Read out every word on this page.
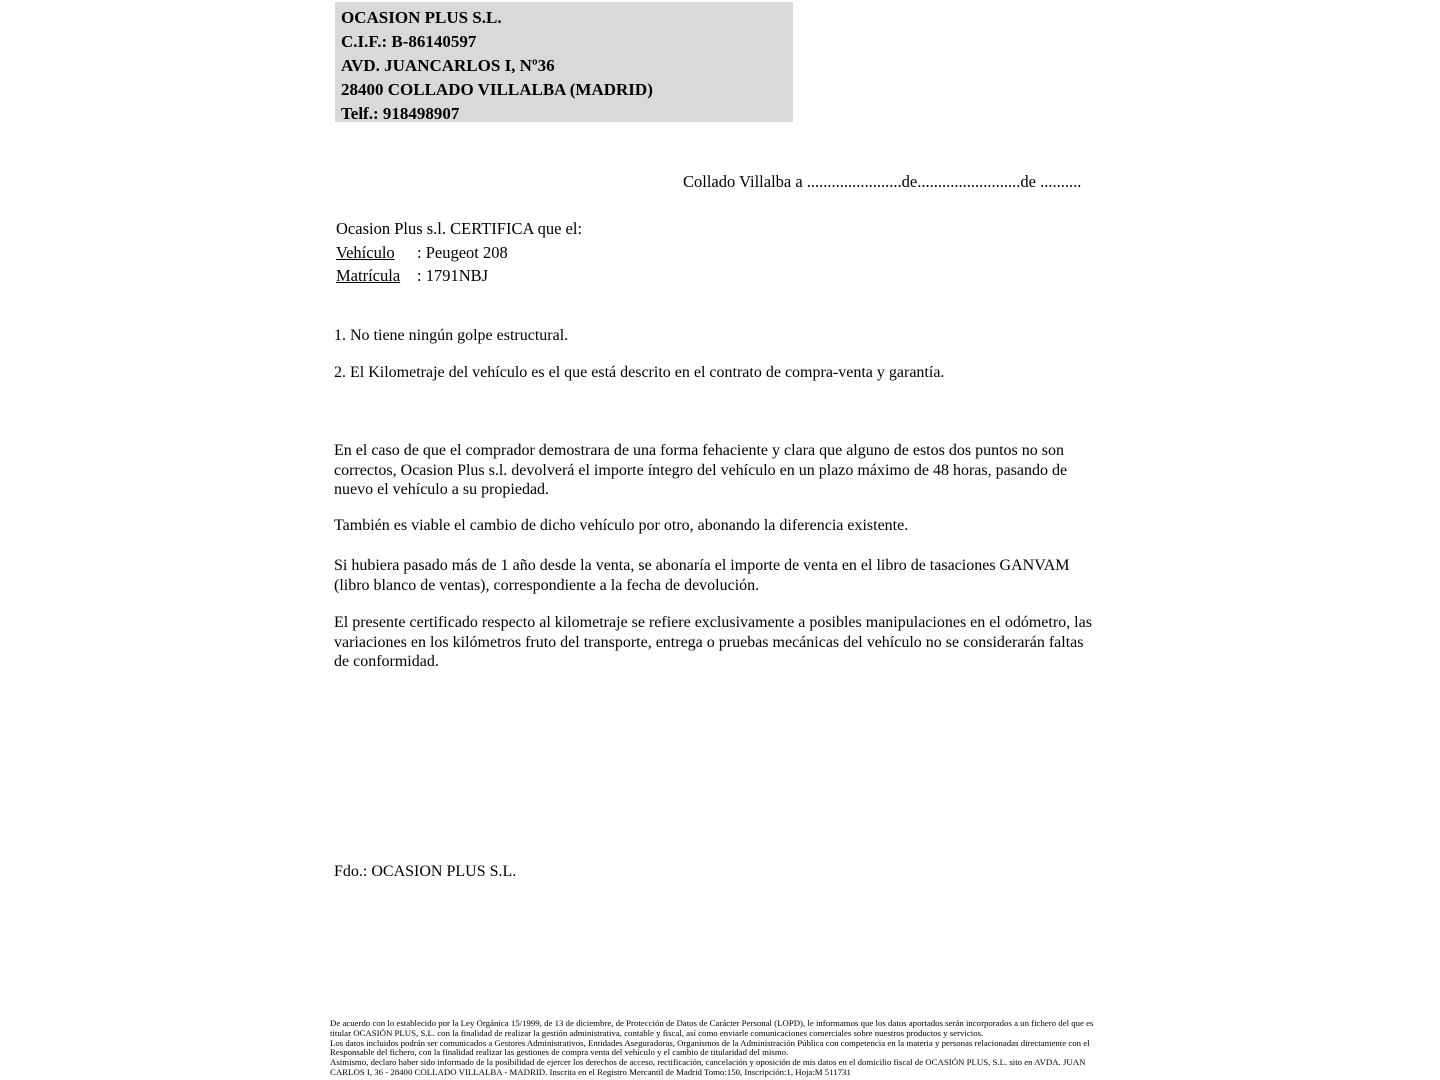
OCASION PLUS S.L.
C.I.F.: B-86140597
AVD. JUANCARLOS I, Nº36
28400 COLLADO VILLALBA (MADRID)
Telf.: 918498907
Collado Villalba a .......................de.........................de ..........
Ocasion Plus s.l. CERTIFICA que el:
Vehículo : Peugeot 208
Matrícula : 1791NBJ
1. No tiene ningún golpe estructural.
2. El Kilometraje del vehículo es el que está descrito en el contrato de compra-venta y garantía.
En el caso de que el comprador demostrara de una forma fehaciente y clara que alguno de estos dos puntos no son correctos, Ocasion Plus s.l. devolverá el importe íntegro del vehículo en un plazo máximo de 48 horas, pasando de nuevo el vehículo a su propiedad.
También es viable el cambio de dicho vehículo por otro, abonando la diferencia existente.
Si hubiera pasado más de 1 año desde la venta, se abonaría el importe de venta en el libro de tasaciones GANVAM (libro blanco de ventas), correspondiente a la fecha de devolución.
El presente certificado respecto al kilometraje se refiere exclusivamente a posibles manipulaciones en el odómetro, las variaciones en los kilómetros fruto del transporte, entrega o pruebas mecánicas del vehículo no se considerarán faltas de conformidad.
Fdo.: OCASION PLUS S.L.

De acuerdo con lo establecido por la Ley Orgánica 15/1999, de 13 de diciembre, de Protección de Datos de Carácter Personal (LOPD), le informamos que los datos aportados serán incorporados a un fichero del que es titular OCASIÓN PLUS, S.L. con la finalidad de realizar la gestión administrativa, contable y fiscal, así como enviarle comunicaciones comerciales sobre nuestros productos y servicios.

Los datos incluidos podrán ser comunicados a Gestores Administrativos, Entidades Aseguradoras, Organismos de la Administración Pública con competencia en la materia y personas relacionadas directamente con el Responsable del fichero, con la finalidad realizar las gestiones de compra venta del vehículo y el cambio de titularidad del mismo.

Asimismo, declaro haber sido informado de la posibilidad de ejercer los derechos de acceso, rectificación, cancelación y oposición de mis datos en el domicilio fiscal de OCASIÓN PLUS, S.L. sito en AVDA. JUAN CARLOS I, 36 - 28400 COLLADO VILLALBA - MADRID. Inscrita en el Registro Mercantil de Madrid Tomo:150, Inscripción:1, Hoja:M 511731
